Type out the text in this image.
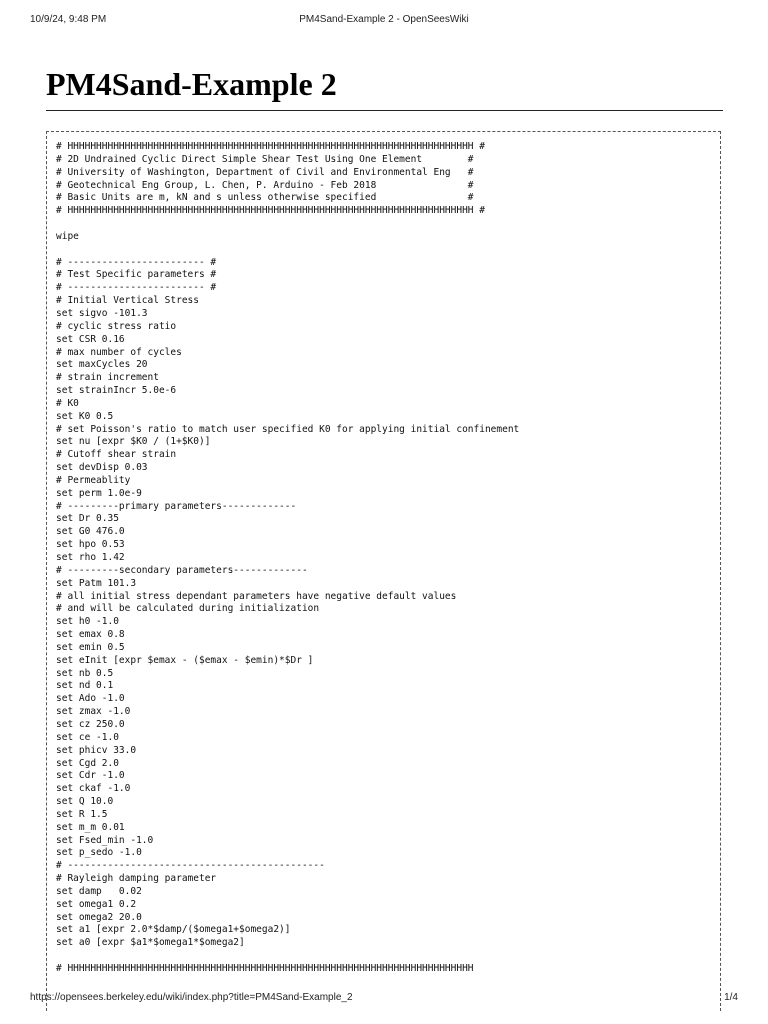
10/9/24, 9:48 PM	PM4Sand-Example 2 - OpenSeesWiki
PM4Sand-Example 2
# HHHHHHHHHHHHHHHHHHHHHHHHHHHHHHHHHHHHHHHHHHHHHHHHHHHHHHHHHHHHHHHHHHHHHHH #
# 2D Undrained Cyclic Direct Simple Shear Test Using One Element        #
# University of Washington, Department of Civil and Environmental Eng   #
# Geotechnical Eng Group, L. Chen, P. Arduino - Feb 2018                #
# Basic Units are m, kN and s unless otherwise specified                #
# HHHHHHHHHHHHHHHHHHHHHHHHHHHHHHHHHHHHHHHHHHHHHHHHHHHHHHHHHHHHHHHHHHHHHHH #

wipe

# ------------------------ #
# Test Specific parameters #
# ------------------------ #
# Initial Vertical Stress
set sigvo -101.3
# cyclic stress ratio
set CSR 0.16
# max number of cycles
set maxCycles 20
# strain increment
set strainIncr 5.0e-6
# K0
set K0 0.5
# set Poisson's ratio to match user specified K0 for applying initial confinement
set nu [expr $K0 / (1+$K0)]
# Cutoff shear strain
set devDisp 0.03
# Permeablity
set perm 1.0e-9
# ---------primary parameters-------------
set Dr 0.35
set G0 476.0
set hpo 0.53
set rho 1.42
# ---------secondary parameters-------------
set Patm 101.3
# all initial stress dependant parameters have negative default values
# and will be calculated during initialization
set h0 -1.0
set emax 0.8
set emin 0.5
set eInit [expr $emax - ($emax - $emin)*$Dr ]
set nb 0.5
set nd 0.1
set Ado -1.0
set zmax -1.0
set cz 250.0
set ce -1.0
set phicv 33.0
set Cgd 2.0
set Cdr -1.0
set ckaf -1.0
set Q 10.0
set R 1.5
set m_m 0.01
set Fsed_min -1.0
set p_sedo -1.0
# ---------------------------------------------
# Rayleigh damping parameter
set damp   0.02
set omega1 0.2
set omega2 20.0
set a1 [expr 2.0*$damp/($omega1+$omega2)]
set a0 [expr $a1*$omega1*$omega2]

# HHHHHHHHHHHHHHHHHHHHHHHHHHHHHHHHHHHHHHHHHHHHHHHHHHHHHHHHHHHHHHHHHHHHHHH

https://opensees.berkeley.edu/wiki/index.php?title=PM4Sand-Example_2	1/4
